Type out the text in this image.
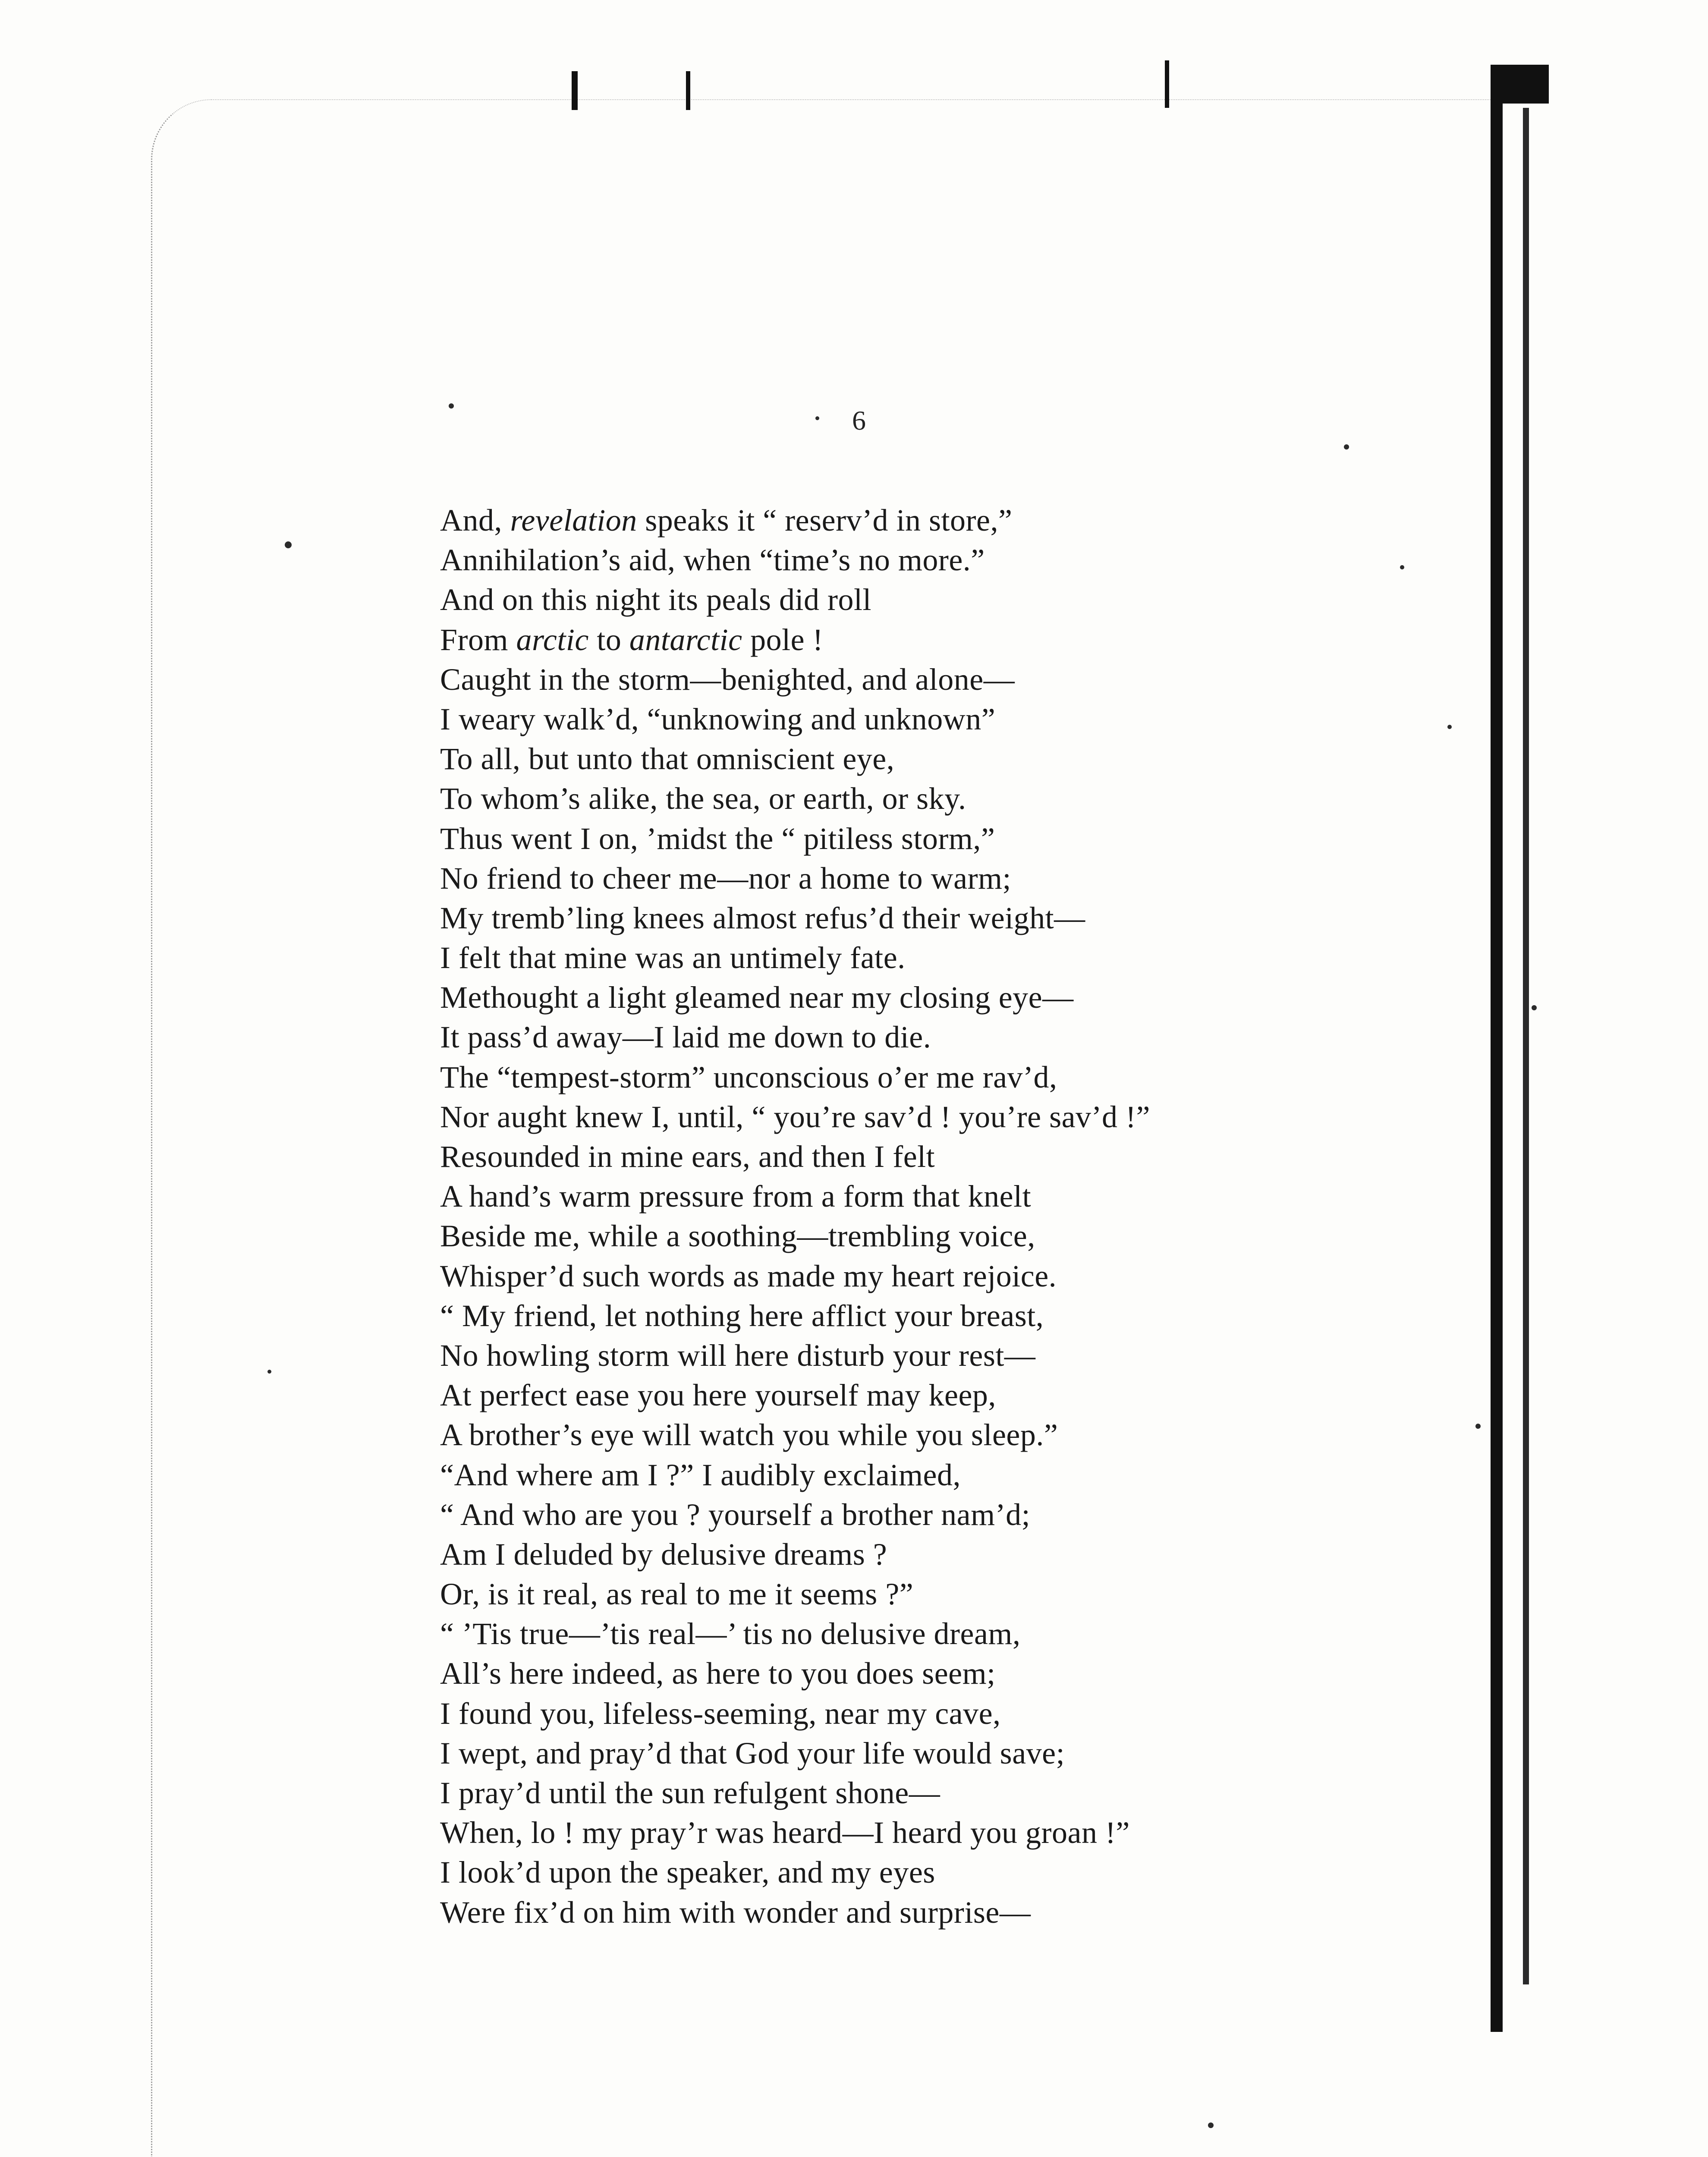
6
And, revelation speaks it “ reserv’d in store,”
Annihilation’s aid, when “time’s no more.”
And on this night its peals did roll
From arctic to antarctic pole !
Caught in the storm—benighted, and alone—
I weary walk’d, “unknowing and unknown”
To all, but unto that omniscient eye,
To whom’s alike, the sea, or earth, or sky.
Thus went I on, ’midst the “ pitiless storm,”
No friend to cheer me—nor a home to warm;
My tremb’ling knees almost refus’d their weight—
I felt that mine was an untimely fate.
Methought a light gleamed near my closing eye—
It pass’d away—I laid me down to die.
The “tempest-storm” unconscious o’er me rav’d,
Nor aught knew I, until, “ you’re sav’d ! you’re sav’d !”
Resounded in mine ears, and then I felt
A hand’s warm pressure from a form that knelt
Beside me, while a soothing—trembling voice,
Whisper’d such words as made my heart rejoice.
“ My friend, let nothing here afflict your breast,
No howling storm will here disturb your rest—
At perfect ease you here yourself may keep,
A brother’s eye will watch you while you sleep.”
“And where am I ?” I audibly exclaimed,
“ And who are you ? yourself a brother nam’d;
Am I deluded by delusive dreams ?
Or, is it real, as real to me it seems ?”
“ ’Tis true—’tis real—’ tis no delusive dream,
All’s here indeed, as here to you does seem;
I found you, lifeless-seeming, near my cave,
I wept, and pray’d that God your life would save;
I pray’d until the sun refulgent shone—
When, lo ! my pray’r was heard—I heard you groan !”
I look’d upon the speaker, and my eyes
Were fix’d on him with wonder and surprise—
